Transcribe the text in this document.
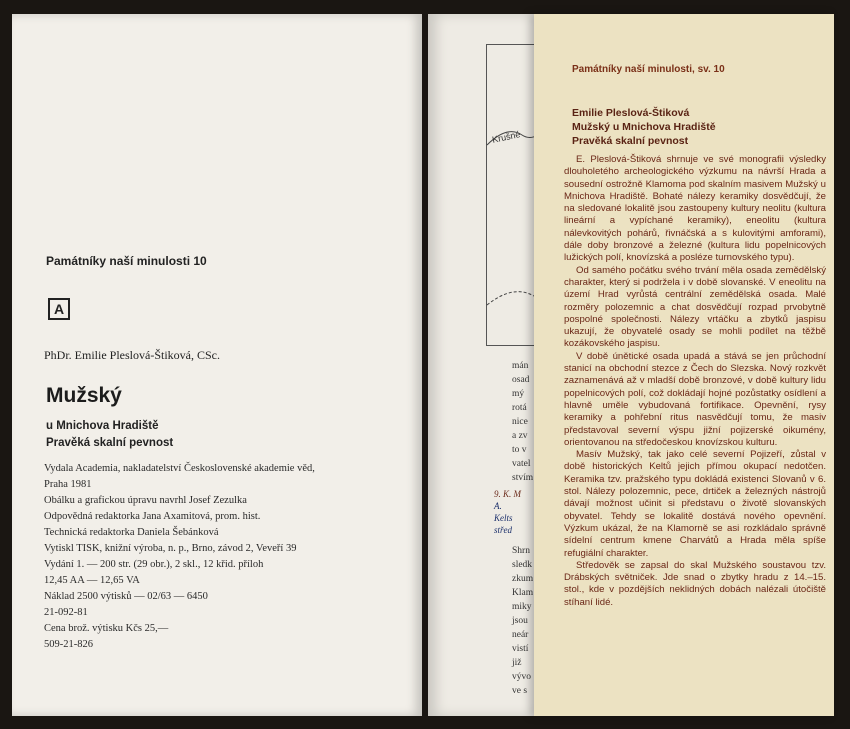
Památníky naší minulosti 10
A
PhDr. Emilie Pleslová-Štiková, CSc.
Mužský
u Mnichova Hradiště
Pravěká skalní pevnost
Vydala Academia, nakladatelství Československé akademie věd,
Praha 1981
Obálku a grafickou úpravu navrhl Josef Zezulka
Odpovědná redaktorka Jana Axamitová, prom. hist.
Technická redaktorka Daniela Šebánková
Vytiskl TISK, knižní výroba, n. p., Brno, závod 2, Veveří 39
Vydání 1. — 200 str. (29 obr.), 2 skl., 12 křid. příloh
12,45 AA — 12,65 VA
Náklad 2500 výtisků — 02/63 — 6450
21-092-81
Cena brož. výtisku Kčs 25,—
509-21-826
Krušné
mán
osad
mý
rotá
nice
a zv
to v
vatel
stvím
9. K. M
A.
Kelts
střed
Shrn
sledk
zkum
Klam
miky
jsou
neár
vistí
již
vývo
ve s
Památníky naší minulosti, sv. 10
Emilie Pleslová-Štiková
Mužský u Mnichova Hradiště
Pravěká skalní pevnost

E. Pleslová-Štiková shrnuje ve své monografii výsledky dlouholetého archeologického výzkumu na návrší Hrada a sousední ostrožně Klamoma pod skalním masivem Mužský u Mnichova Hradiště. Bohaté nálezy keramiky dosvědčují, že na sledované lokalitě jsou zastoupeny kultury neolitu (kultura lineární a vypíchané keramiky), eneolitu (kultura nálevkovitých pohárů, řivnáčská a s kulovitými amforami), dále doby bronzové a železné (kultura lidu popelnicových lužických polí, knovízská a posléze turnovského typu).

Od samého počátku svého trvání měla osada zemědělský charakter, který si podržela i v době slovanské. V eneolitu na území Hrad vyrůstá centrální zemědělská osada. Malé rozměry polozemnic a chat dosvědčují rozpad prvobytně pospolné společnosti. Nálezy vrtáčku a zbytků jaspisu ukazují, že obyvatelé osady se mohli podílet na těžbě kozákovského jaspisu.

V době únětické osada upadá a stává se jen průchodní stanicí na obchodní stezce z Čech do Slezska. Nový rozkvět zaznamenává až v mladší době bronzové, v době kultury lidu popelnicových polí, což dokládají hojné pozůstatky osídlení a hlavně uměle vybudovaná fortifikace. Opevnění, rysy keramiky a pohřební ritus nasvědčují tomu, že masiv představoval severní výspu jižní pojizerské oikumény, orientovanou na středočeskou knovízskou kulturu.

Masív Mužský, tak jako celé severní Pojizeří, zůstal v době historických Keltů jejich přímou okupací nedotčen. Keramika tzv. pražského typu dokládá existenci Slovanů v 6. stol. Nálezy polozemnic, pece, drtiček a železných nástrojů dávají možnost učinit si představu o životě slovanských obyvatel. Tehdy se lokalitě dostává nového opevnění. Výzkum ukázal, že na Klamorně se asi rozkládalo správně sídelní centrum kmene Charvátů a Hrada měla spíše refugiální charakter.

Středověk se zapsal do skal Mužského soustavou tzv. Drábských světniček. Jde snad o zbytky hradu z 14.–15. stol., kde v pozdějších neklidných dobách nalézali útočiště stíhaní lidé.
